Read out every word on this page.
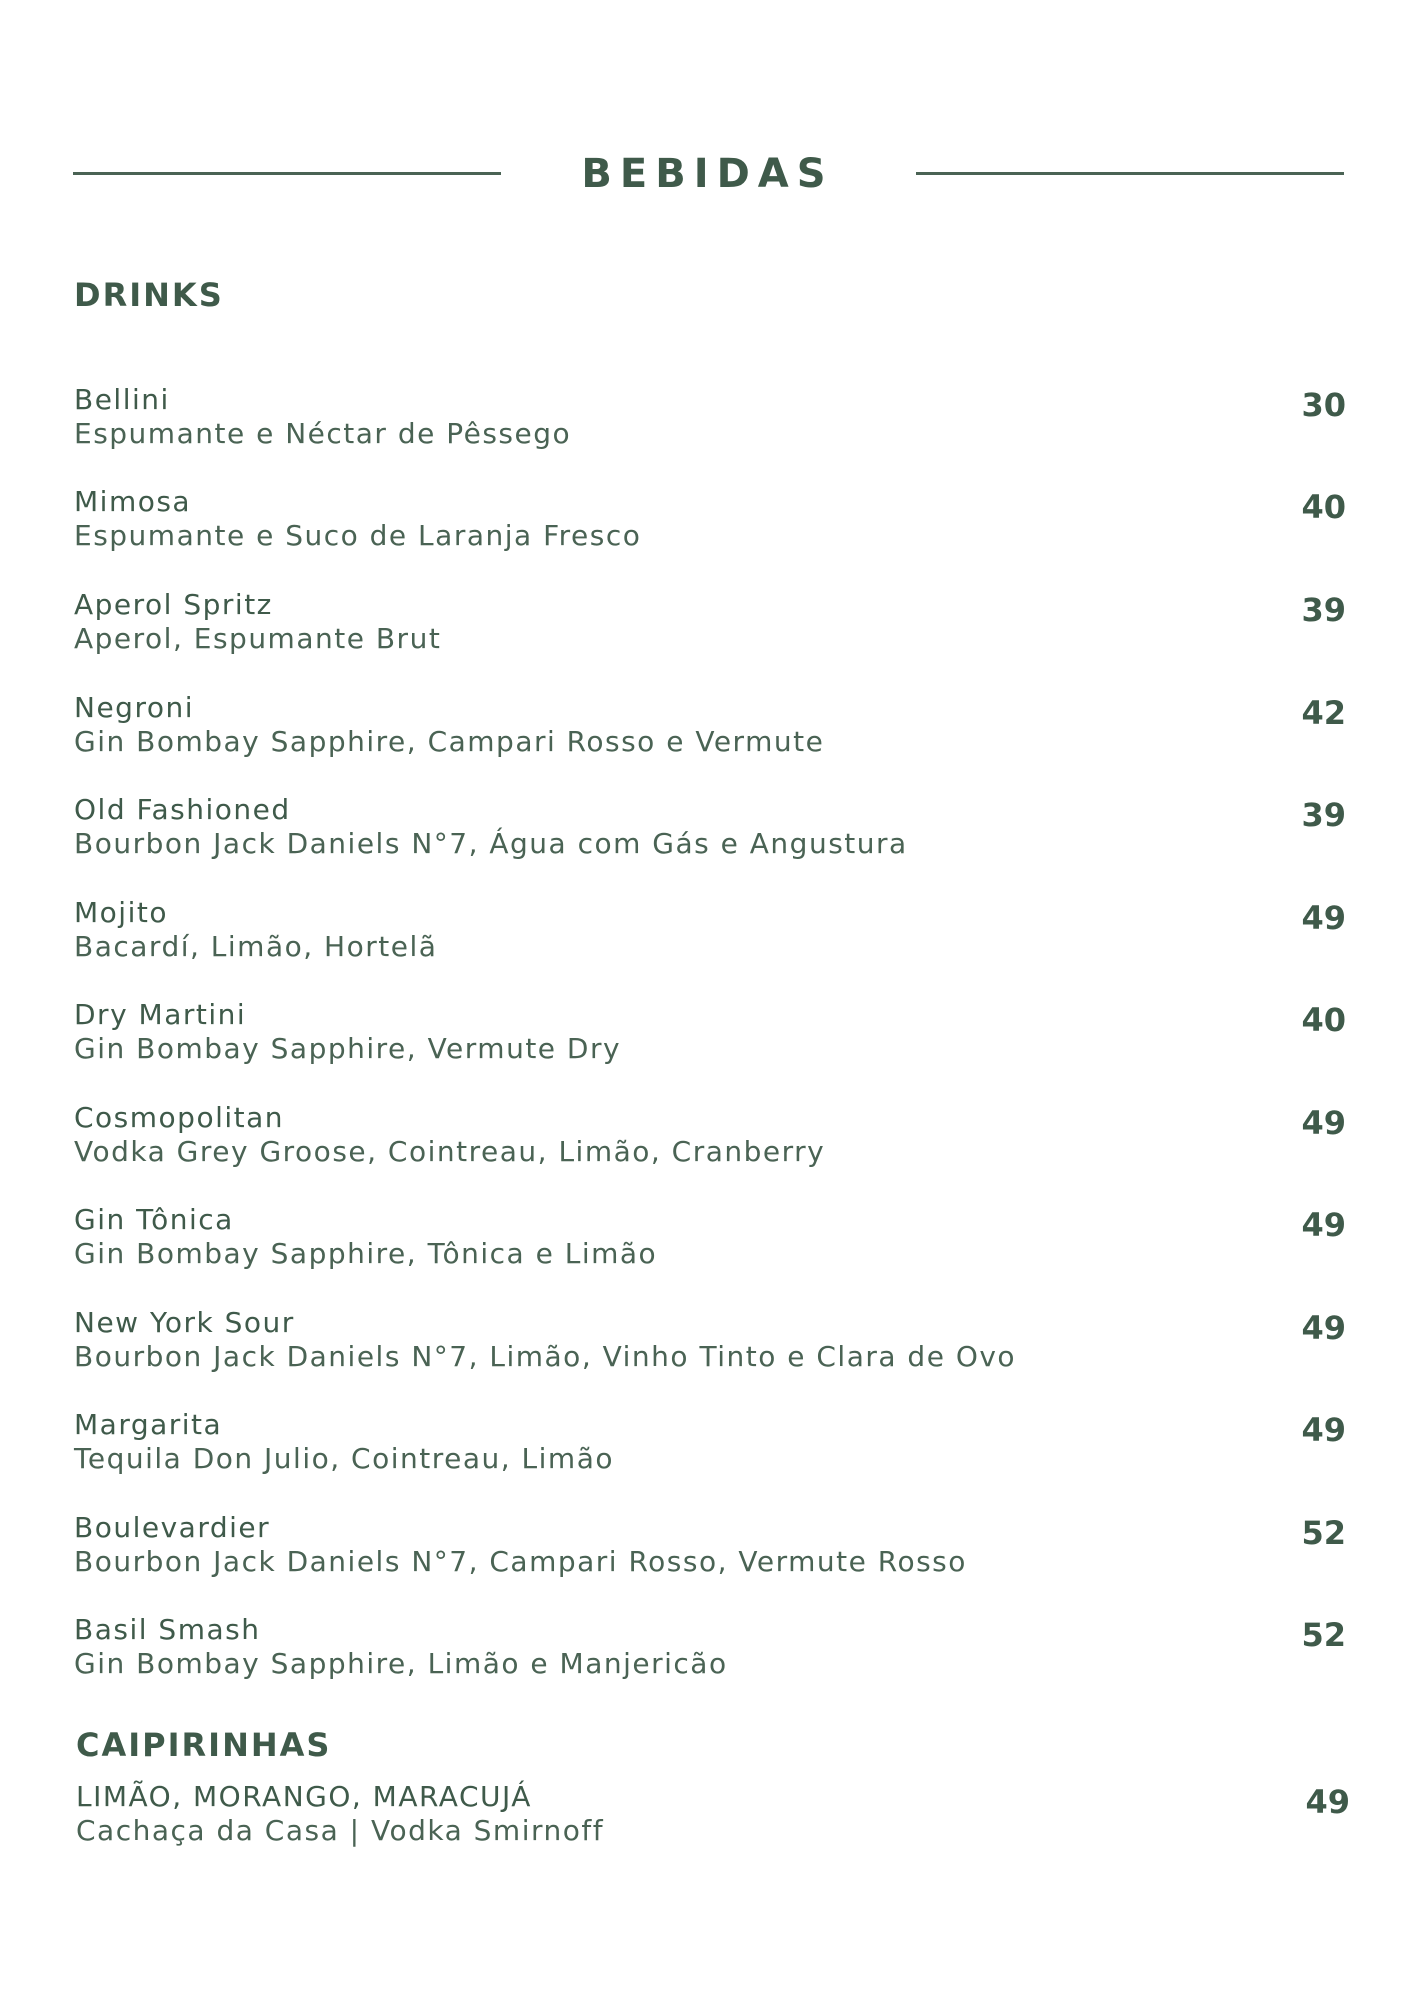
BEBIDAS
DRINKS
Bellini
Espumante e Néctar de Pêssego
30
Mimosa
Espumante e Suco de Laranja Fresco
40
Aperol Spritz
Aperol, Espumante Brut
39
Negroni
Gin Bombay Sapphire, Campari Rosso e Vermute
42
Old Fashioned
Bourbon Jack Daniels N°7, Água com Gás e Angustura
39
Mojito
Bacardí, Limão, Hortelã
49
Dry Martini
Gin Bombay Sapphire, Vermute Dry
40
Cosmopolitan
Vodka Grey Groose, Cointreau, Limão, Cranberry
49
Gin Tônica
Gin Bombay Sapphire, Tônica e Limão
49
New York Sour
Bourbon Jack Daniels N°7, Limão, Vinho Tinto e Clara de Ovo
49
Margarita
Tequila Don Julio, Cointreau, Limão
49
Boulevardier
Bourbon Jack Daniels N°7, Campari Rosso, Vermute Rosso
52
Basil Smash
Gin Bombay Sapphire, Limão e Manjericão
52
CAIPIRINHAS
LIMÃO, MORANGO, MARACUJÁ
Cachaça da Casa | Vodka Smirnoff
49
